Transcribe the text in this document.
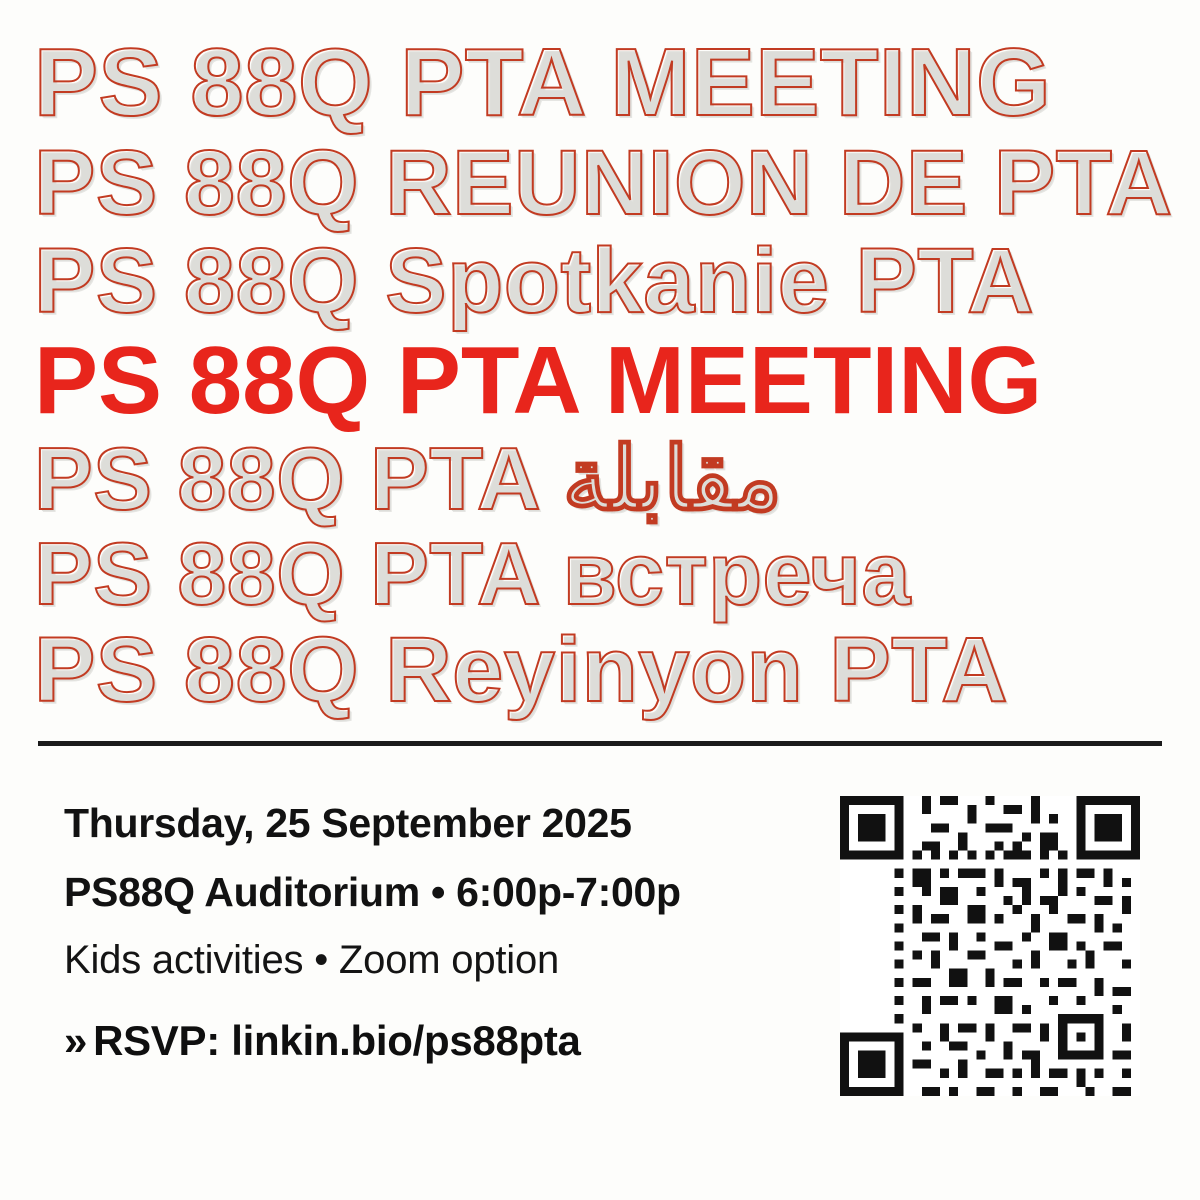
PS 88Q PTA MEETING
PS 88Q REUNION DE PTA
PS 88Q Spotkanie PTA
PS 88Q PTA MEETING
PS 88Q PTA مقابلة
PS 88Q PTA встреча
PS 88Q Reyinyon PTA
Thursday, 25 September 2025
PS88Q Auditorium • 6:00p-7:00p
Kids activities • Zoom option
» RSVP: linkin.bio/ps88pta
